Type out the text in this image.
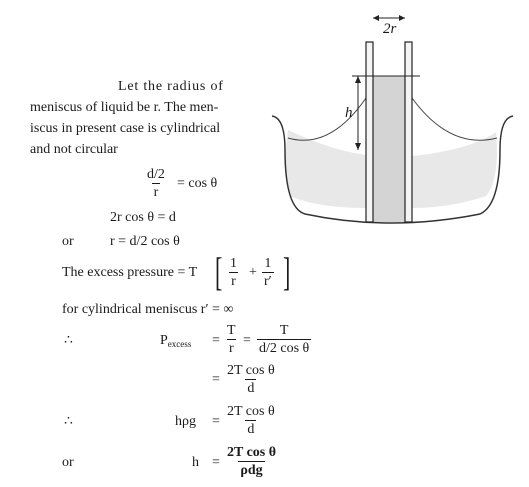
2r
h
Let the radius of
meniscus of liquid be r. The men-
iscus in present case is cylindrical
and not circular
$\frac{d/2}{r} = \cos \theta$
2r cos θ = d
or	r = d/2 cos θ
The excess pressure = T [ $\frac{1}{r} + \frac{1}{r'}$ ]
for cylindrical meniscus r′ = ∞
∴	$P_{excess} = \frac{T}{r} = \frac{T}{\text{d/2 cos θ}}$
= $\frac{\text{2T cos θ}}{d}$
∴	$h\rho g = \frac{\text{2T cos θ}}{d}$
or	h =
2T cos θ
ρdg
